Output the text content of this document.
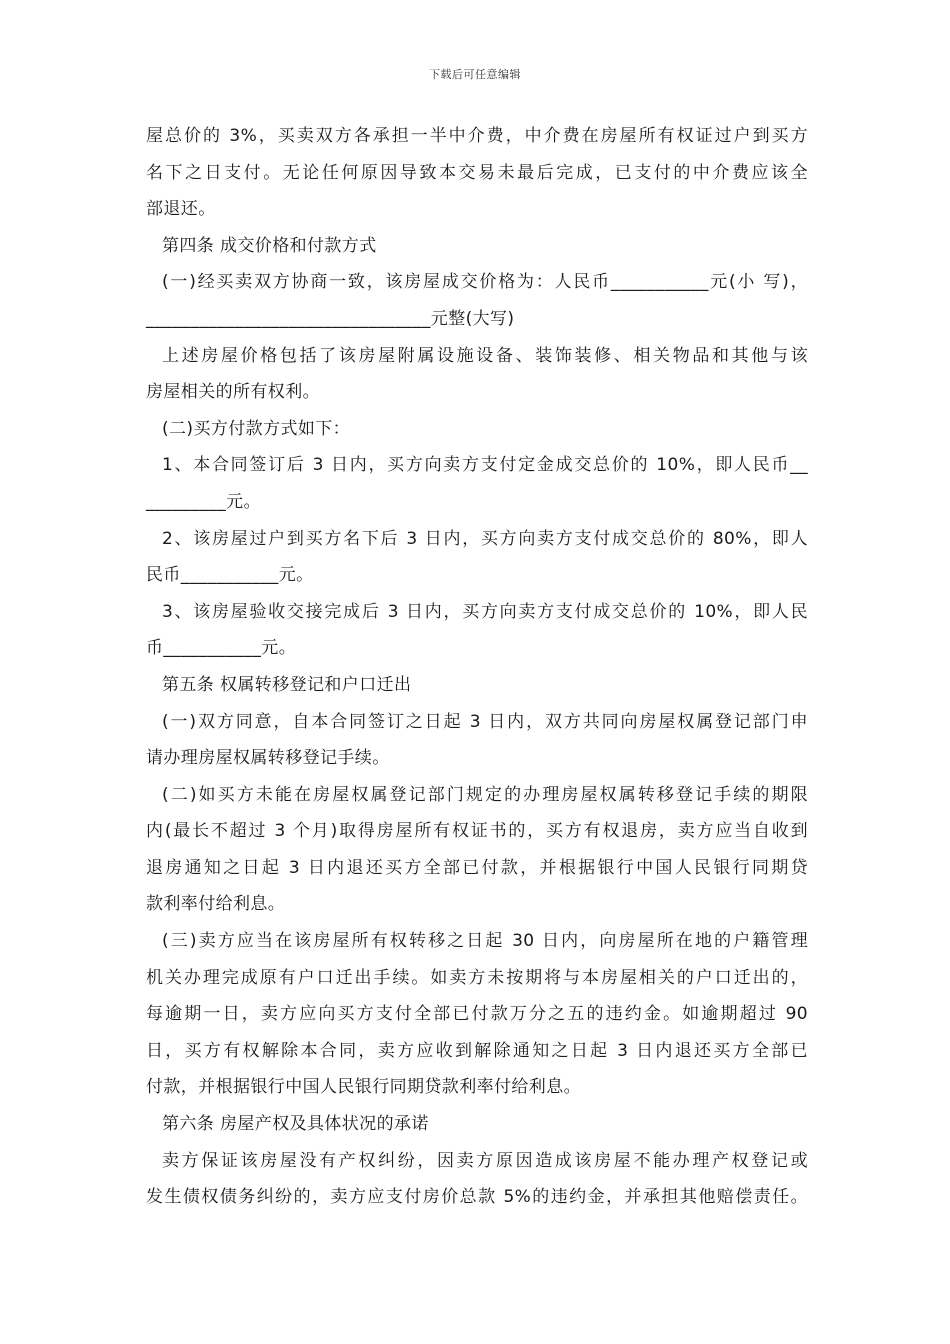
下载后可任意编辑
屋总价的 3%，买卖双方各承担一半中介费，中介费在房屋所有权证过户到买方
名下之日支付。无论任何原因导致本交易未最后完成，已支付的中介费应该全
部退还。
第四条 成交价格和付款方式
(一)经买卖双方协商一致，该房屋成交价格为：人民币___________元(小 写)，
________________________________元整(大写)
上述房屋价格包括了该房屋附属设施设备、装饰装修、相关物品和其他与该
房屋相关的所有权利。
(二)买方付款方式如下：
1、本合同签订后 3 日内，买方向卖方支付定金成交总价的 10%，即人民币__
_________元。
2、该房屋过户到买方名下后 3 日内，买方向卖方支付成交总价的 80%，即人
民币___________元。
3、该房屋验收交接完成后 3 日内，买方向卖方支付成交总价的 10%，即人民
币___________元。
第五条 权属转移登记和户口迁出
(一)双方同意，自本合同签订之日起 3 日内，双方共同向房屋权属登记部门申
请办理房屋权属转移登记手续。
(二)如买方未能在房屋权属登记部门规定的办理房屋权属转移登记手续的期限
内(最长不超过 3 个月)取得房屋所有权证书的，买方有权退房，卖方应当自收到
退房通知之日起 3 日内退还买方全部已付款，并根据银行中国人民银行同期贷
款利率付给利息。
(三)卖方应当在该房屋所有权转移之日起 30 日内，向房屋所在地的户籍管理
机关办理完成原有户口迁出手续。如卖方未按期将与本房屋相关的户口迁出的，
每逾期一日，卖方应向买方支付全部已付款万分之五的违约金。如逾期超过 90
日，买方有权解除本合同，卖方应收到解除通知之日起 3 日内退还买方全部已
付款，并根据银行中国人民银行同期贷款利率付给利息。
第六条 房屋产权及具体状况的承诺
卖方保证该房屋没有产权纠纷，因卖方原因造成该房屋不能办理产权登记或
发生债权债务纠纷的，卖方应支付房价总款 5%的违约金，并承担其他赔偿责任。
